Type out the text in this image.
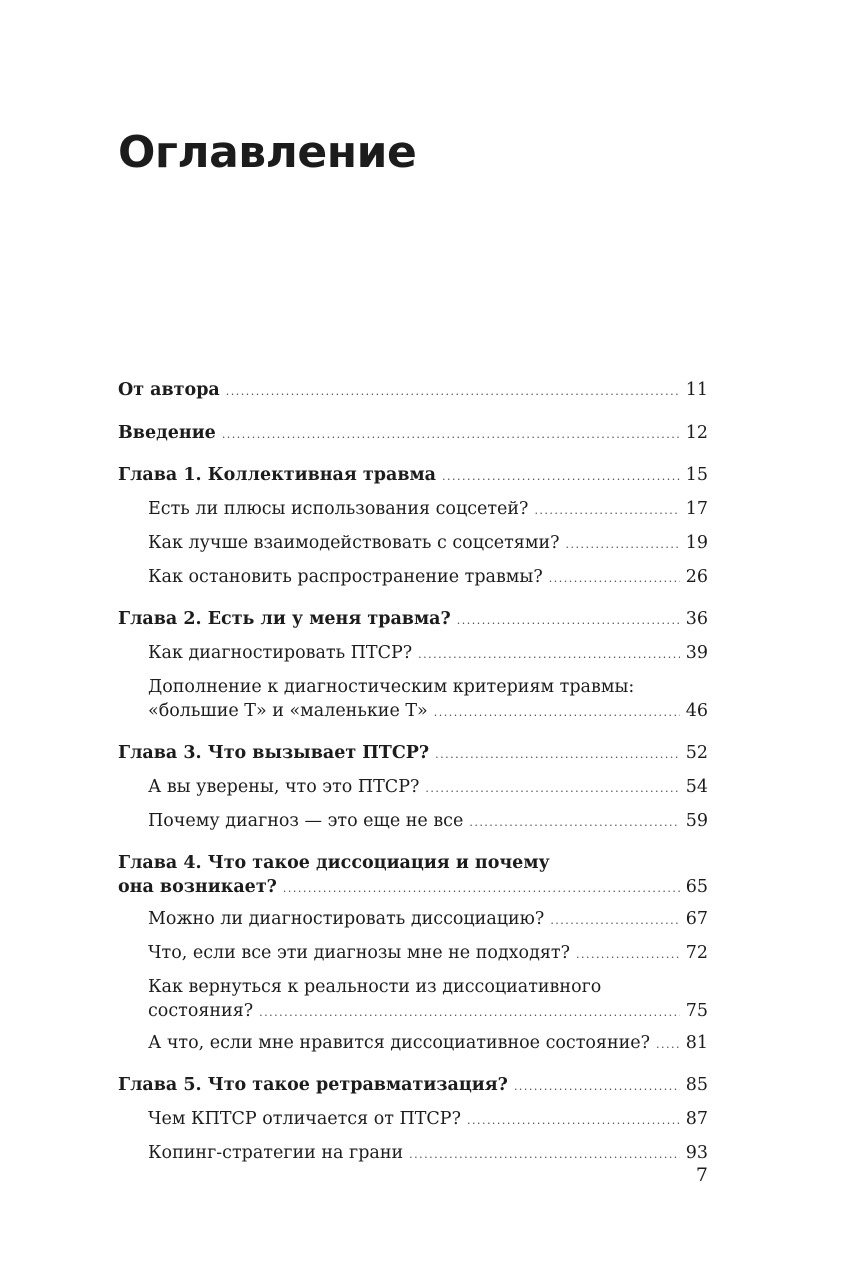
Оглавление
От автора . . .	11
Введение . . .	12
Глава 1. Коллективная травма . . .	15
Есть ли плюсы использования соцсетей? . . .	17
Как лучше взаимодействовать с соцсетями? . . .	19
Как остановить распространение травмы? . . .	26
Глава 2. Есть ли у меня травма? . . .	36
Как диагностировать ПТСР? . . .	39
Дополнение к диагностическим критериям травмы:
«большие Т» и «маленькие Т» . . .	46
Глава 3. Что вызывает ПТСР? . . .	52
А вы уверены, что это ПТСР? . . .	54
Почему диагноз — это еще не все . . .	59
Глава 4. Что такое диссоциация и почему
она возникает? . . .	65
Можно ли диагностировать диссоциацию? . . .	67
Что, если все эти диагнозы мне не подходят? . . .	72
Как вернуться к реальности из диссоциативного
состояния? . . .	75
А что, если мне нравится диссоциативное состояние? . . . 81
Глава 5. Что такое ретравматизация? . . .	85
Чем КПТСР отличается от ПТСР? . . .	87
Копинг-стратегии на грани . . .	93
7
